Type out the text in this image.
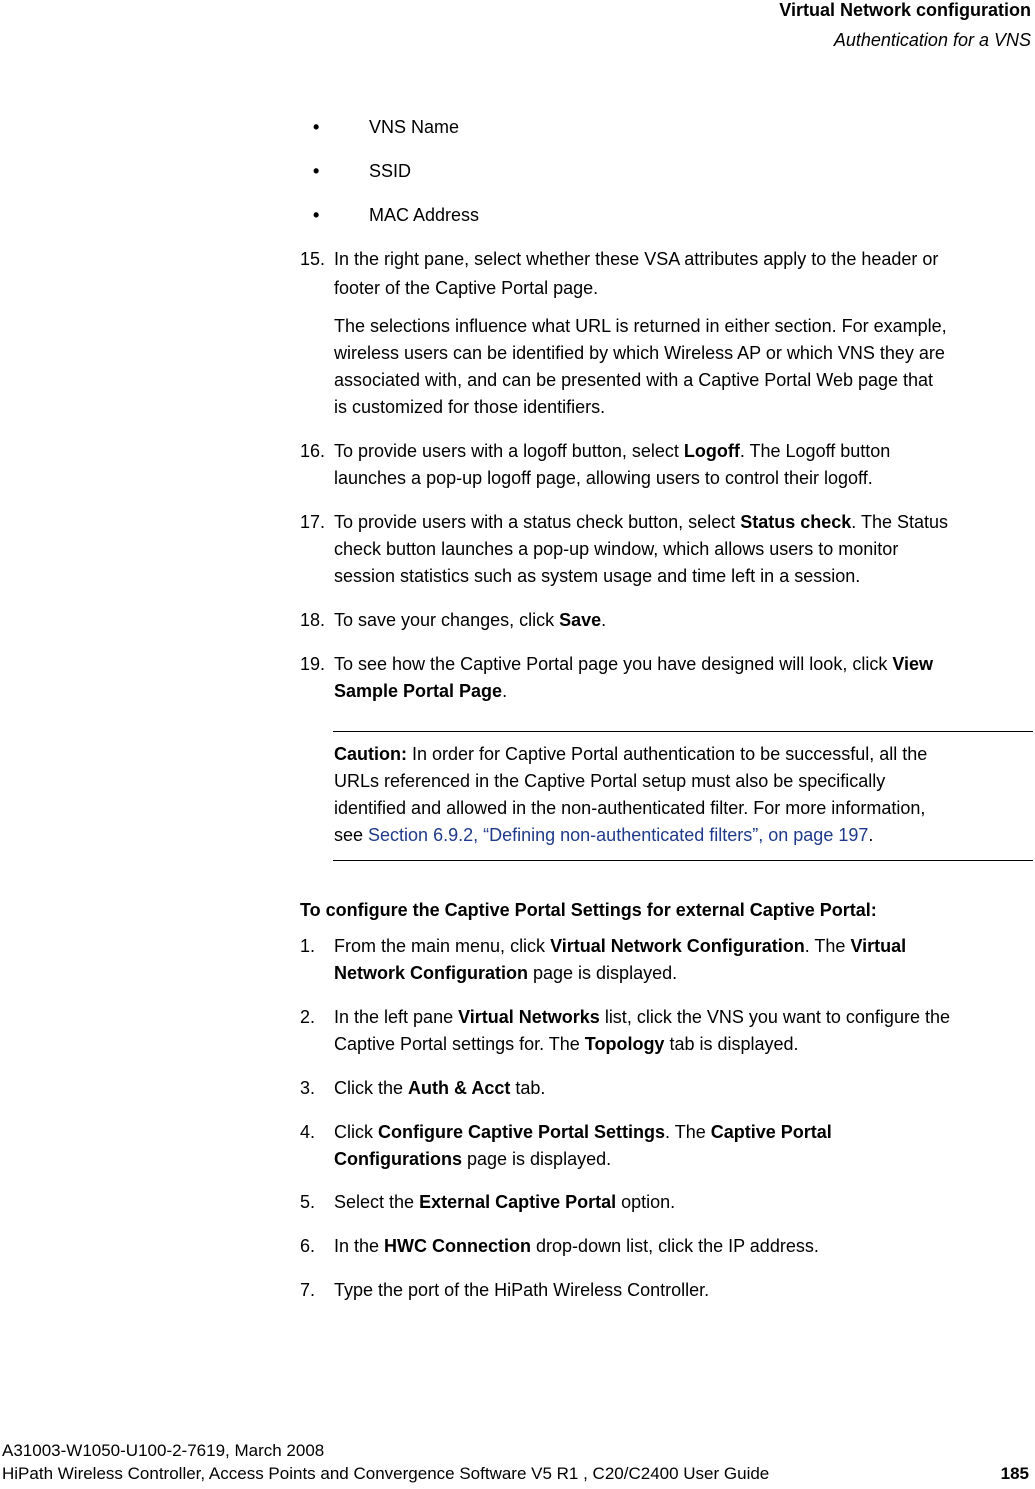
Virtual Network configuration
Authentication for a VNS
•	VNS Name
•	SSID
•	MAC Address
15. In the right pane, select whether these VSA attributes apply to the header or
footer of the Captive Portal page.
The selections influence what URL is returned in either section. For example,
wireless users can be identified by which Wireless AP or which VNS they are
associated with, and can be presented with a Captive Portal Web page that
is customized for those identifiers.
16. To provide users with a logoff button, select Logoff. The Logoff button
launches a pop-up logoff page, allowing users to control their logoff.
17. To provide users with a status check button, select Status check. The Status
check button launches a pop-up window, which allows users to monitor
session statistics such as system usage and time left in a session.
18. To save your changes, click Save.
19. To see how the Captive Portal page you have designed will look, click View
Sample Portal Page.
Caution: In order for Captive Portal authentication to be successful, all the
URLs referenced in the Captive Portal setup must also be specifically
identified and allowed in the non-authenticated filter. For more information,
see Section 6.9.2, “Defining non-authenticated filters”, on page 197.
To configure the Captive Portal Settings for external Captive Portal:
1. From the main menu, click Virtual Network Configuration. The Virtual
Network Configuration page is displayed.
2. In the left pane Virtual Networks list, click the VNS you want to configure the
Captive Portal settings for. The Topology tab is displayed.
3. Click the Auth & Acct tab.
4. Click Configure Captive Portal Settings. The Captive Portal
Configurations page is displayed.
5. Select the External Captive Portal option.
6. In the HWC Connection drop-down list, click the IP address.
7. Type the port of the HiPath Wireless Controller.
A31003-W1050-U100-2-7619, March 2008
HiPath Wireless Controller, Access Points and Convergence Software V5 R1 , C20/C2400 User Guide	185
